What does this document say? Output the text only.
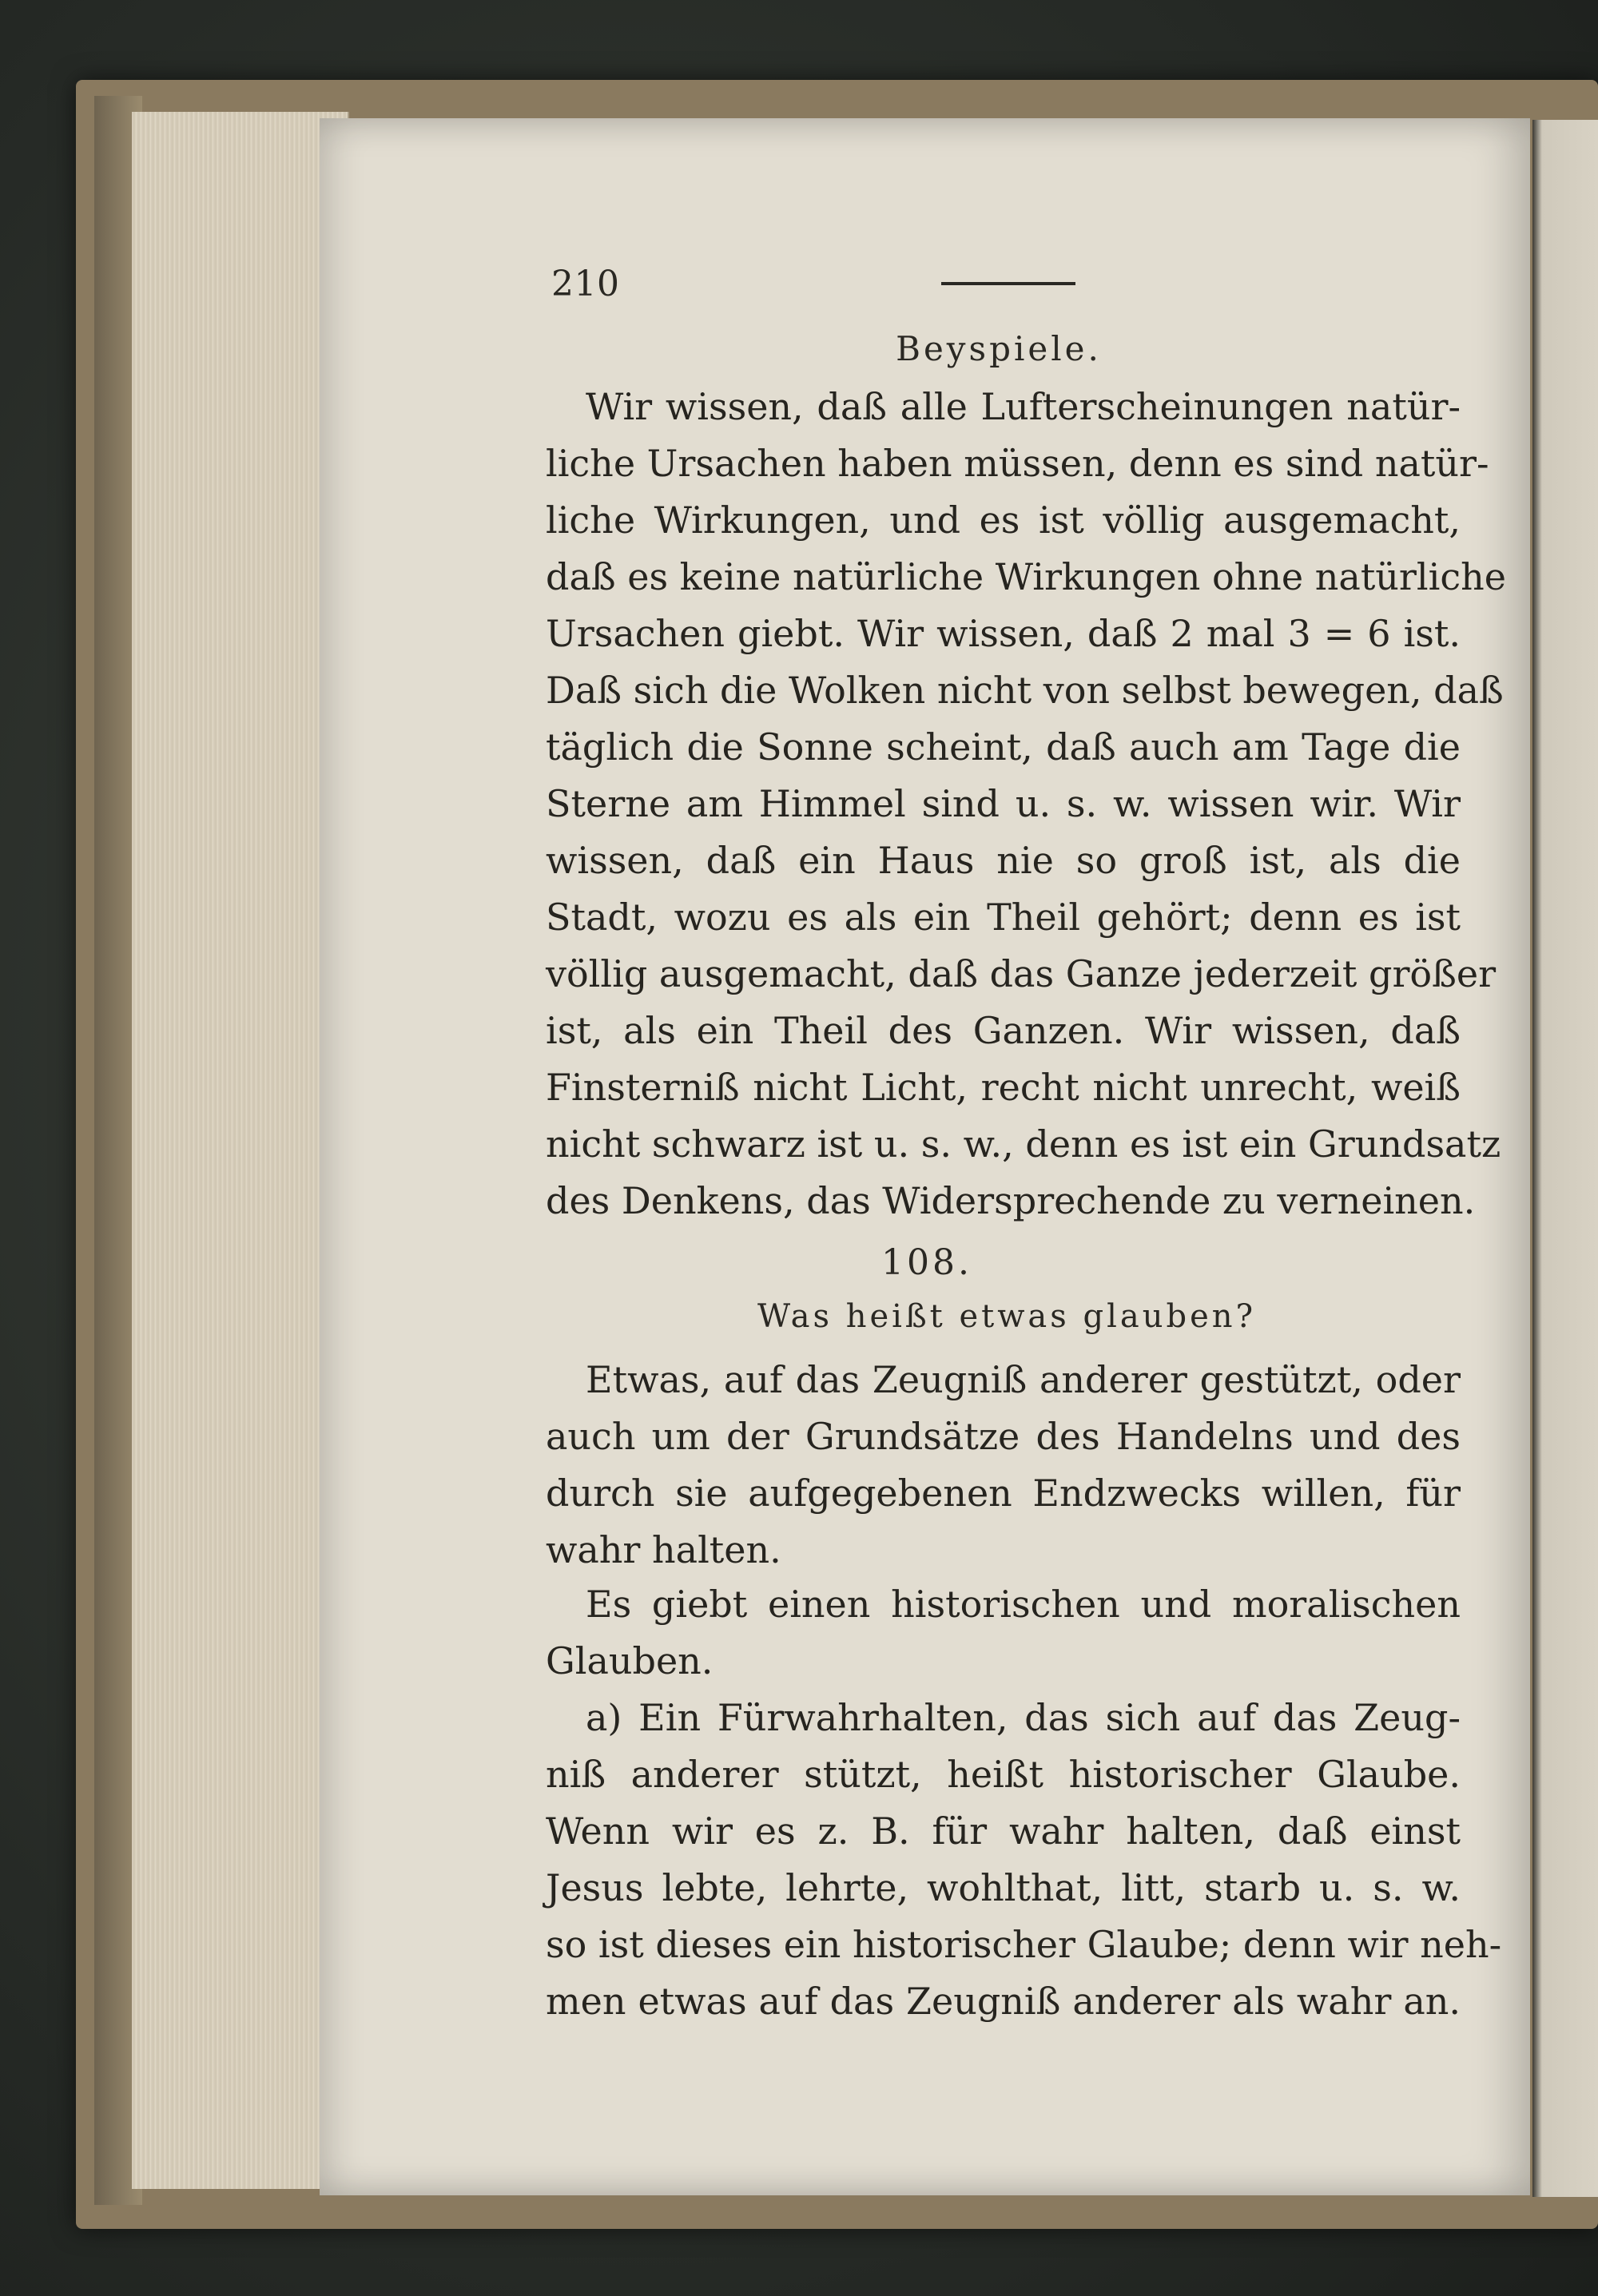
210
Beyspiele.
Wir wissen, daß alle Lufterscheinungen natür-
liche Ursachen haben müssen, denn es sind natür-
liche Wirkungen, und es ist völlig ausgemacht,
daß es keine natürliche Wirkungen ohne natürliche
Ursachen giebt. Wir wissen, daß 2 mal 3 = 6 ist.
Daß sich die Wolken nicht von selbst bewegen, daß
täglich die Sonne scheint, daß auch am Tage die
Sterne am Himmel sind u. s. w. wissen wir. Wir
wissen, daß ein Haus nie so groß ist, als die
Stadt, wozu es als ein Theil gehört; denn es ist
völlig ausgemacht, daß das Ganze jederzeit größer
ist, als ein Theil des Ganzen. Wir wissen, daß
Finsterniß nicht Licht, recht nicht unrecht, weiß
nicht schwarz ist u. s. w., denn es ist ein Grundsatz
des Denkens, das Widersprechende zu verneinen.
108.
Was heißt etwas glauben?
Etwas, auf das Zeugniß anderer gestützt, oder
auch um der Grundsätze des Handelns und des
durch sie aufgegebenen Endzwecks willen, für
wahr halten.
Es giebt einen historischen und moralischen
Glauben.
a) Ein Fürwahrhalten, das sich auf das Zeug-
niß anderer stützt, heißt historischer Glaube.
Wenn wir es z. B. für wahr halten, daß einst
Jesus lebte, lehrte, wohlthat, litt, starb u. s. w.
so ist dieses ein historischer Glaube; denn wir neh-
men etwas auf das Zeugniß anderer als wahr an.
